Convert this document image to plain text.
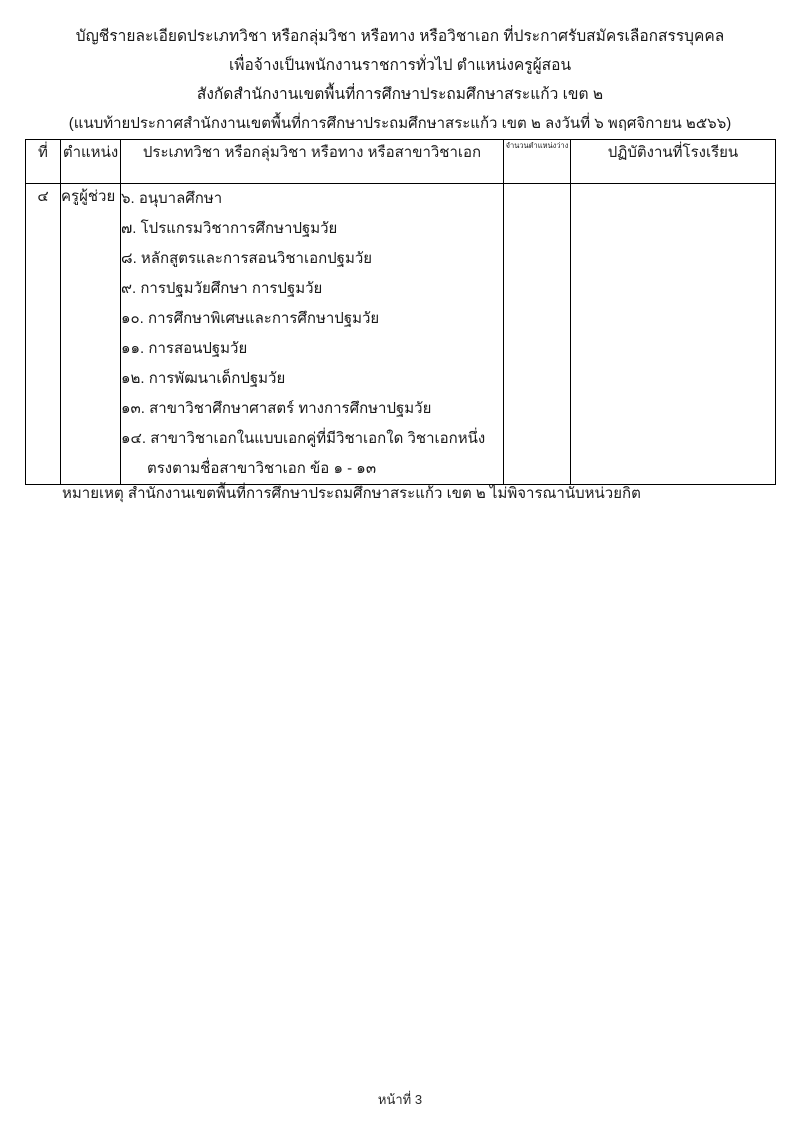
บัญชีรายละเอียดประเภทวิชา หรือกลุ่มวิชา หรือทาง หรือวิชาเอก ที่ประกาศรับสมัครเลือกสรรบุคคล
เพื่อจ้างเป็นพนักงานราชการทั่วไป ตำแหน่งครูผู้สอน
สังกัดสำนักงานเขตพื้นที่การศึกษาประถมศึกษาสระแก้ว เขต ๒
(แนบท้ายประกาศสำนักงานเขตพื้นที่การศึกษาประถมศึกษาสระแก้ว เขต ๒ ลงวันที่ ๖ พฤศจิกายน ๒๕๖๖)
ที่	ตำแหน่ง	ประเภทวิชา หรือกลุ่มวิชา หรือทาง หรือสาขาวิชาเอก	จำนวนตำแหน่งว่าง	ปฏิบัติงานที่โรงเรียน
๔	ครูผู้ช่วย	๖. อนุบาลศึกษา
๗. โปรแกรมวิชาการศึกษาปฐมวัย
๘. หลักสูตรและการสอนวิชาเอกปฐมวัย
๙. การปฐมวัยศึกษา การปฐมวัย
๑๐. การศึกษาพิเศษและการศึกษาปฐมวัย
๑๑. การสอนปฐมวัย
๑๒. การพัฒนาเด็กปฐมวัย
๑๓. สาขาวิชาศึกษาศาสตร์ ทางการศึกษาปฐมวัย
๑๔. สาขาวิชาเอกในแบบเอกคู่ที่มีวิชาเอกใด วิชาเอกหนึ่ง
ตรงตามชื่อสาขาวิชาเอก ข้อ ๑ - ๑๓

หมายเหตุ สำนักงานเขตพื้นที่การศึกษาประถมศึกษาสระแก้ว เขต ๒ ไม่พิจารณานับหน่วยกิต
หน้าที่ 3
